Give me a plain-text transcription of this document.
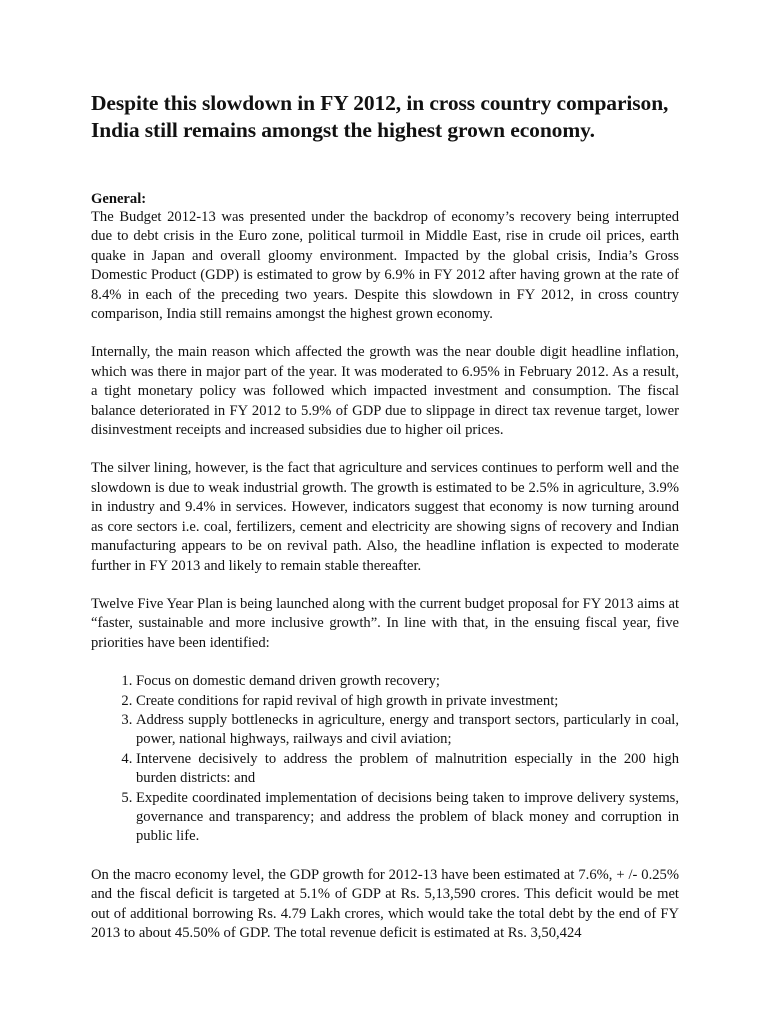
Despite this slowdown in FY 2012, in cross country comparison, India still remains amongst the highest grown economy.
General:

The Budget 2012-13 was presented under the backdrop of economy’s recovery being interrupted due to debt crisis in the Euro zone, political turmoil in Middle East, rise in crude oil prices, earth quake in Japan and overall gloomy environment. Impacted by the global crisis, India’s Gross Domestic Product (GDP) is estimated to grow by 6.9% in FY 2012 after having grown at the rate of 8.4% in each of the preceding two years. Despite this slowdown in FY 2012, in cross country comparison, India still remains amongst the highest grown economy.

Internally, the main reason which affected the growth was the near double digit headline inflation, which was there in major part of the year. It was moderated to 6.95% in February 2012. As a result, a tight monetary policy was followed which impacted investment and consumption. The fiscal balance deteriorated in FY 2012 to 5.9% of GDP due to slippage in direct tax revenue target, lower disinvestment receipts and increased subsidies due to higher oil prices.

The silver lining, however, is the fact that agriculture and services continues to perform well and the slowdown is due to weak industrial growth. The growth is estimated to be 2.5% in agriculture, 3.9% in industry and 9.4% in services. However, indicators suggest that economy is now turning around as core sectors i.e. coal, fertilizers, cement and electricity are showing signs of recovery and Indian manufacturing appears to be on revival path. Also, the headline inflation is expected to moderate further in FY 2013 and likely to remain stable thereafter.

Twelve Five Year Plan is being launched along with the current budget proposal for FY 2013 aims at “faster, sustainable and more inclusive growth”. In line with that, in the ensuing fiscal year, five priorities have been identified:

1. Focus on domestic demand driven growth recovery;
2. Create conditions for rapid revival of high growth in private investment;
3. Address supply bottlenecks in agriculture, energy and transport sectors, particularly in coal, power, national highways, railways and civil aviation;
4. Intervene decisively to address the problem of malnutrition especially in the 200 high burden districts: and
5. Expedite coordinated implementation of decisions being taken to improve delivery systems, governance and transparency; and address the problem of black money and corruption in public life.

On the macro economy level, the GDP growth for 2012-13 have been estimated at 7.6%, + /- 0.25% and the fiscal deficit is targeted at 5.1% of GDP at Rs. 5,13,590 crores. This deficit would be met out of additional borrowing Rs. 4.79 Lakh crores, which would take the total debt by the end of FY 2013 to about 45.50% of GDP. The total revenue deficit is estimated at Rs. 3,50,424
